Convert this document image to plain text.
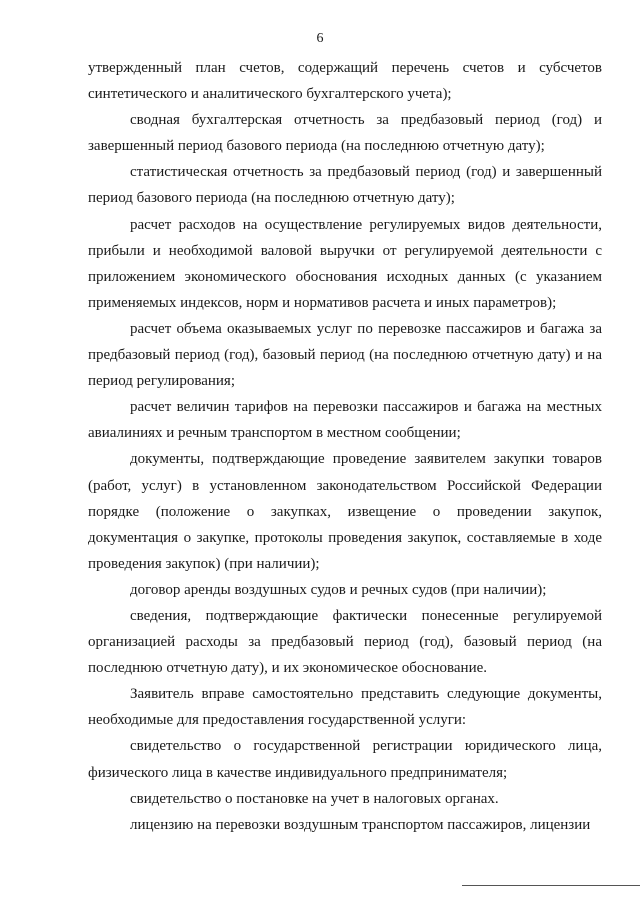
6

утвержденный план счетов, содержащий перечень счетов и субсчетов синтетического и аналитического бухгалтерского учета);

сводная бухгалтерская отчетность за предбазовый период (год) и завершенный период базового периода (на последнюю отчетную дату);

статистическая отчетность за предбазовый период (год) и завершенный период базового периода (на последнюю отчетную дату);

расчет расходов на осуществление регулируемых видов деятельности, прибыли и необходимой валовой выручки от регулируемой деятельности с приложением экономического обоснования исходных данных (с указанием применяемых индексов, норм и нормативов расчета и иных параметров);

расчет объема оказываемых услуг по перевозке пассажиров и багажа за предбазовый период (год), базовый период (на последнюю отчетную дату) и на период регулирования;

расчет величин тарифов на перевозки пассажиров и багажа на местных авиалиниях и речным транспортом в местном сообщении;

документы, подтверждающие проведение заявителем закупки товаров (работ, услуг) в установленном законодательством Российской Федерации порядке (положение о закупках, извещение о проведении закупок, документация о закупке, протоколы проведения закупок, составляемые в ходе проведения закупок) (при наличии);

договор аренды воздушных судов и речных судов (при наличии);

сведения, подтверждающие фактически понесенные регулируемой организацией расходы за предбазовый период (год), базовый период (на последнюю отчетную дату), и их экономическое обоснование.

Заявитель вправе самостоятельно представить следующие документы, необходимые для предоставления государственной услуги:

свидетельство о государственной регистрации юридического лица, физического лица в качестве индивидуального предпринимателя;

свидетельство о постановке на учет в налоговых органах.

лицензию на перевозки воздушным транспортом пассажиров, лицензии
